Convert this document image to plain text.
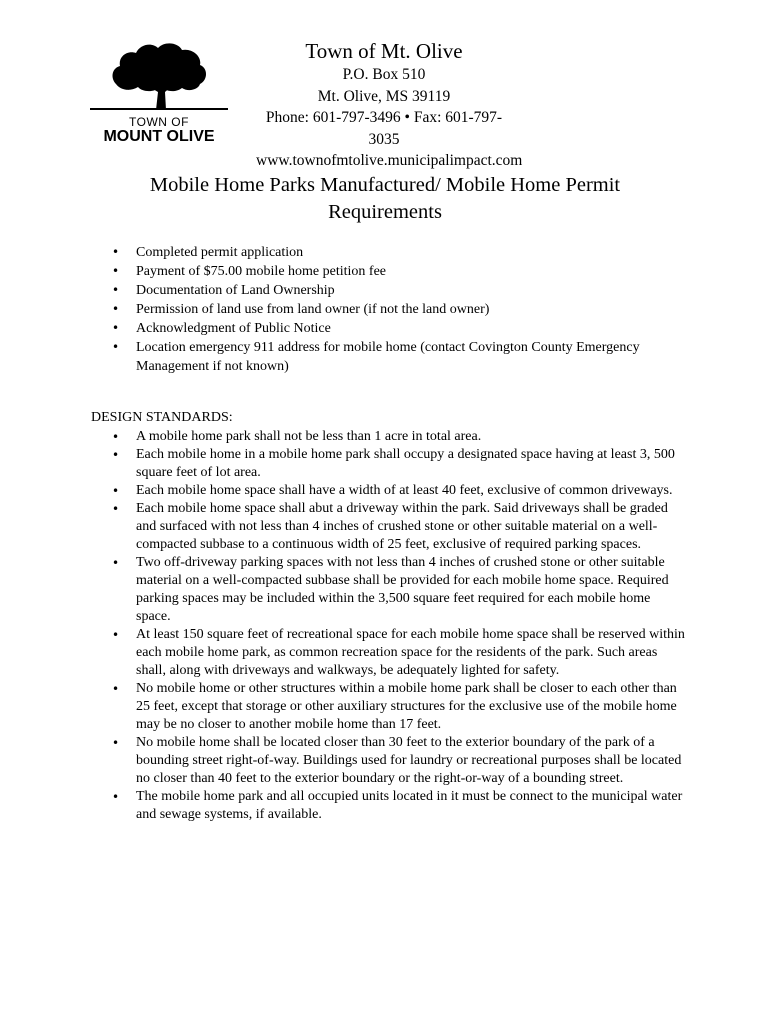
TOWN OF
MOUNT OLIVE
Town of Mt. Olive
P.O. Box 510
Mt. Olive, MS 39119
Phone: 601-797-3496 • Fax: 601-797-3035
www.townofmtolive.municipalimpact.com
Mobile Home Parks Manufactured/ Mobile Home Permit
Requirements
• Completed permit application
• Payment of $75.00 mobile home petition fee
• Documentation of Land Ownership
• Permission of land use from land owner (if not the land owner)
• Acknowledgment of Public Notice
• Location emergency 911 address for mobile home (contact Covington County Emergency Management if not known)
DESIGN STANDARDS:
• A mobile home park shall not be less than 1 acre in total area.
• Each mobile home in a mobile home park shall occupy a designated space having at least 3, 500 square feet of lot area.
• Each mobile home space shall have a width of at least 40 feet, exclusive of common driveways.
• Each mobile home space shall abut a driveway within the park. Said driveways shall be graded and surfaced with not less than 4 inches of crushed stone or other suitable material on a well-compacted subbase to a continuous width of 25 feet, exclusive of required parking spaces.
• Two off-driveway parking spaces with not less than 4 inches of crushed stone or other suitable material on a well-compacted subbase shall be provided for each mobile home space. Required parking spaces may be included within the 3,500 square feet required for each mobile home space.
• At least 150 square feet of recreational space for each mobile home space shall be reserved within each mobile home park, as common recreation space for the residents of the park. Such areas shall, along with driveways and walkways, be adequately lighted for safety.
• No mobile home or other structures within a mobile home park shall be closer to each other than 25 feet, except that storage or other auxiliary structures for the exclusive use of the mobile home may be no closer to another mobile home than 17 feet.
• No mobile home shall be located closer than 30 feet to the exterior boundary of the park of a bounding street right-of-way. Buildings used for laundry or recreational purposes shall be located no closer than 40 feet to the exterior boundary or the right-or-way of a bounding street.
• The mobile home park and all occupied units located in it must be connect to the municipal water and sewage systems, if available.
